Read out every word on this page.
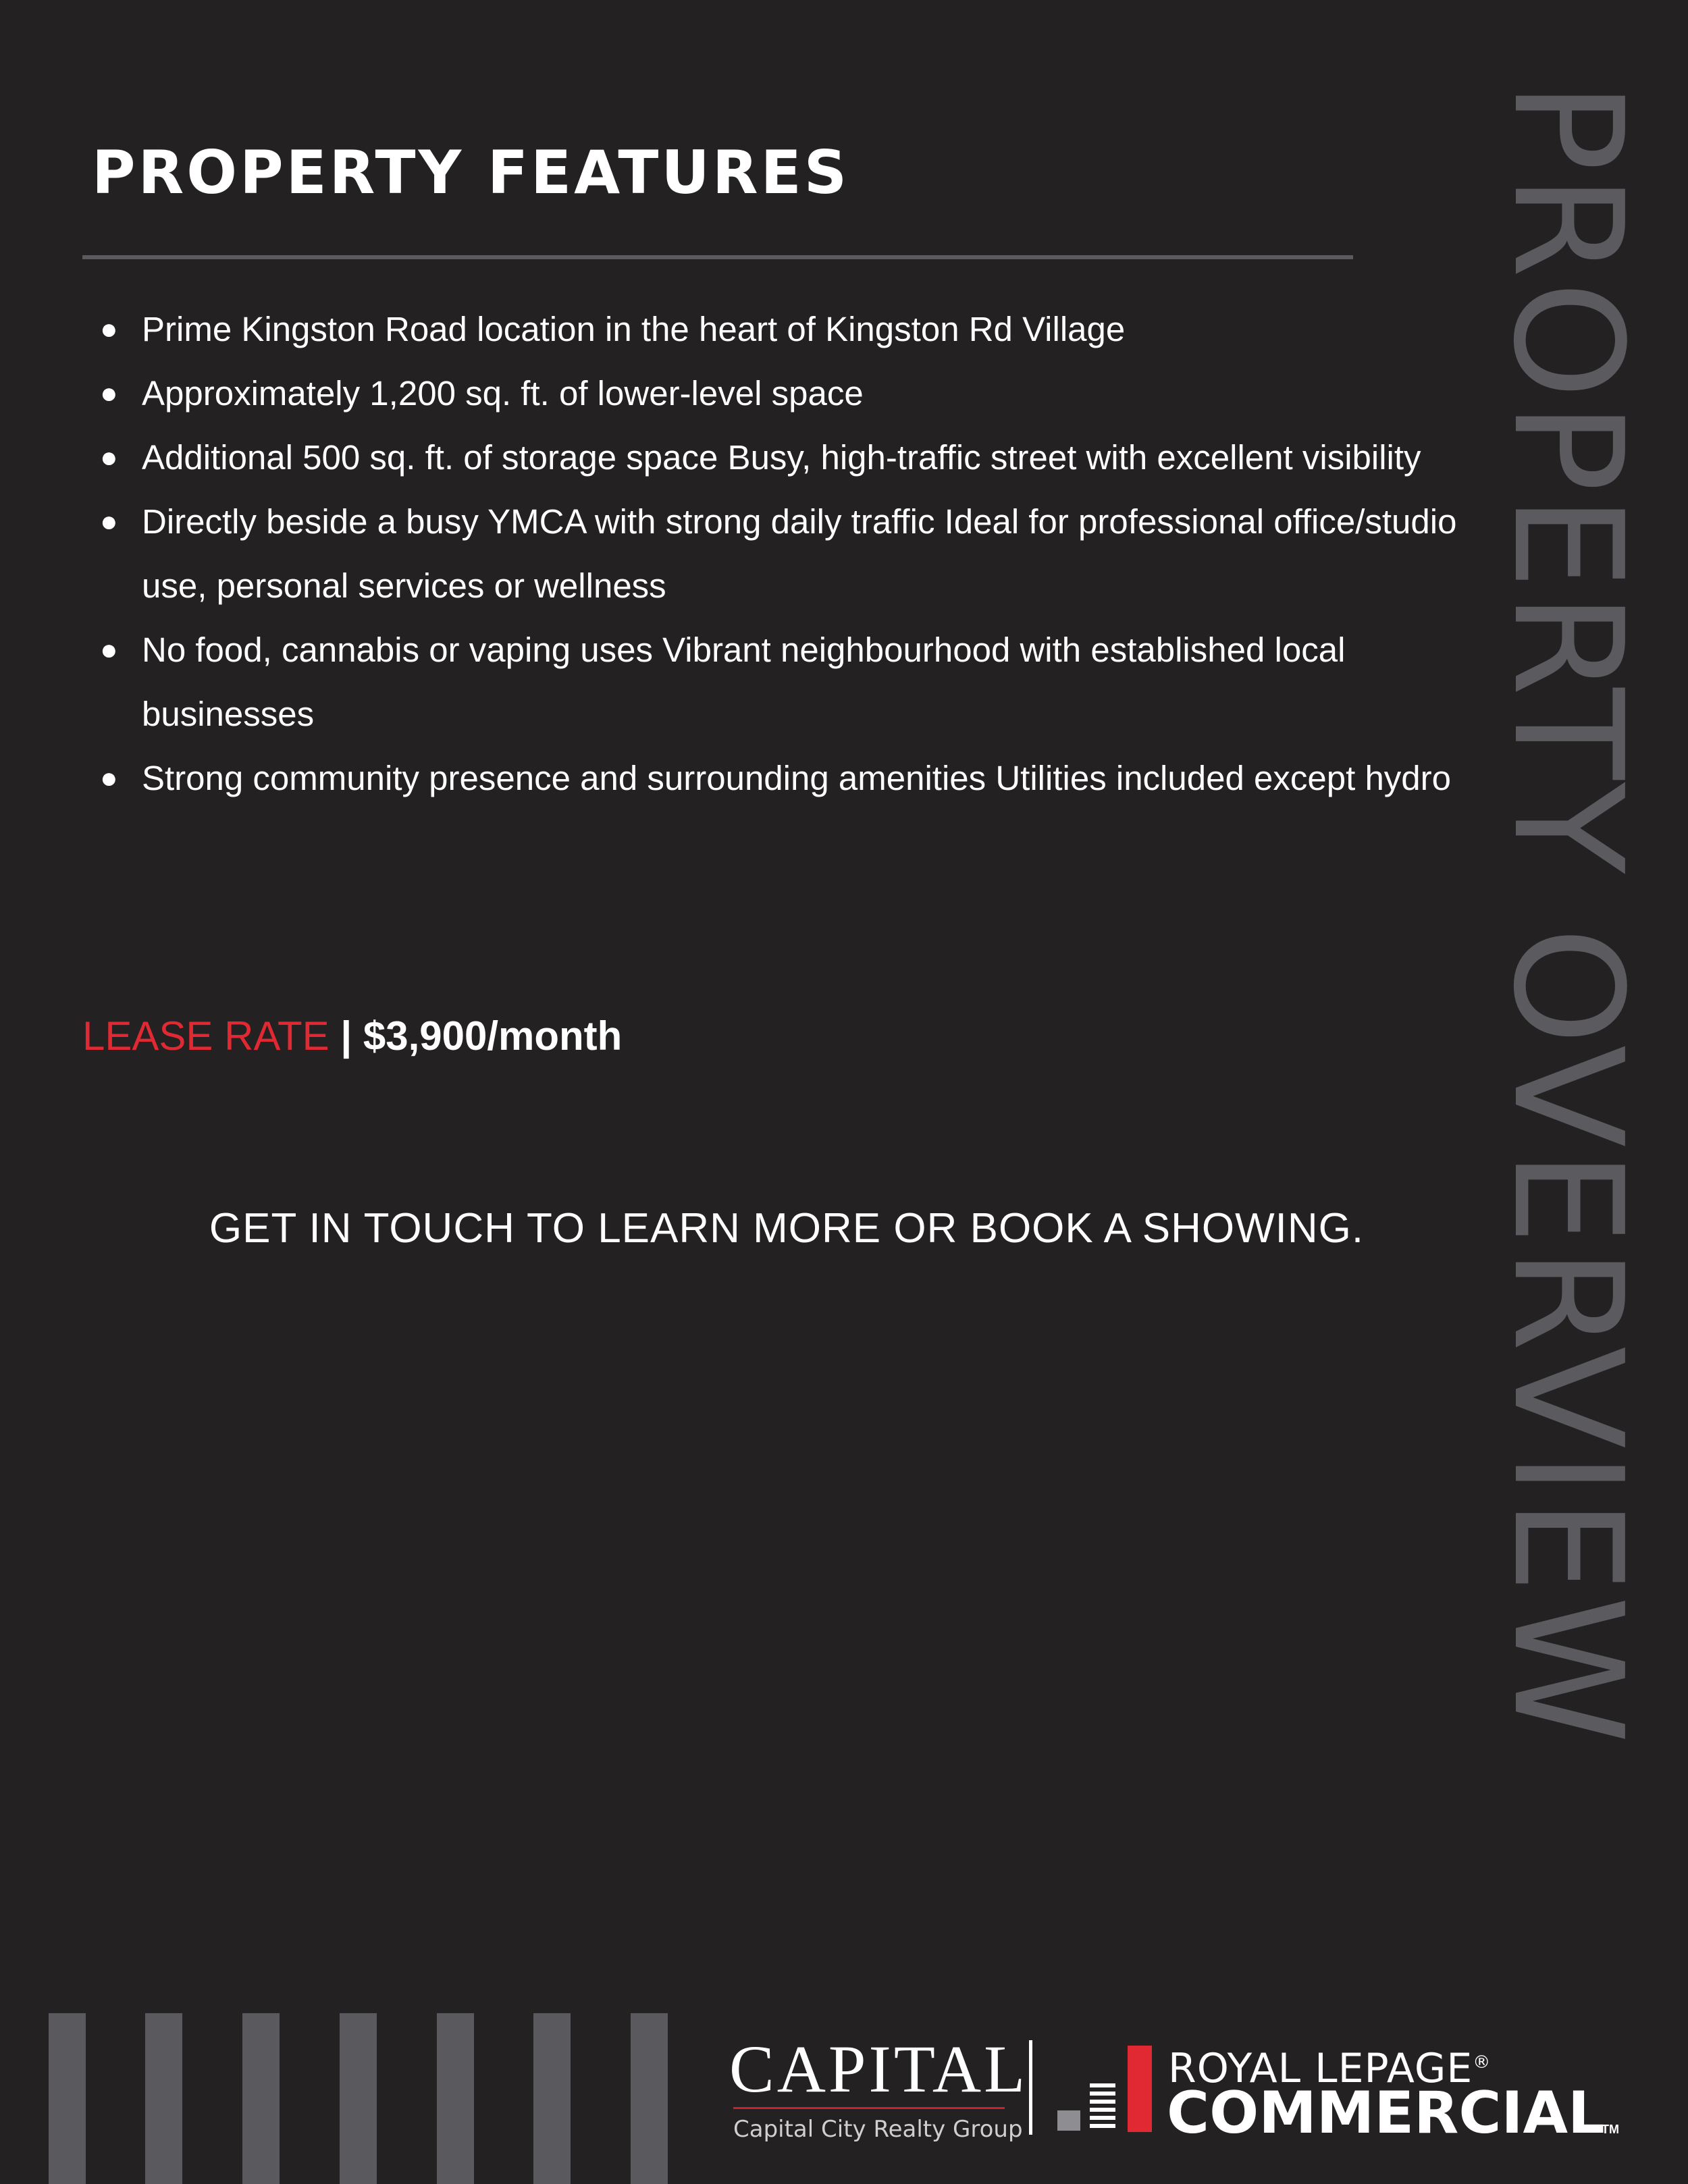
PROPERTY FEATURES
● Prime Kingston Road location in the heart of Kingston Rd Village
● Approximately 1,200 sq. ft. of lower-level space
● Additional 500 sq. ft. of storage space Busy, high-traffic street with excellent visibility
● Directly beside a busy YMCA with strong daily traffic Ideal for professional office/studio use, personal services or wellness
● No food, cannabis or vaping uses Vibrant neighbourhood with established local businesses
● Strong community presence and surrounding amenities Utilities included except hydro
LEASE RATE | $3,900/month
GET IN TOUCH TO LEARN MORE OR BOOK A SHOWING. PROPERTY OVERVIEW
CAPITAL
Capital City Realty Group
ROYAL LEPAGE®
COMMERCIAL
TM
